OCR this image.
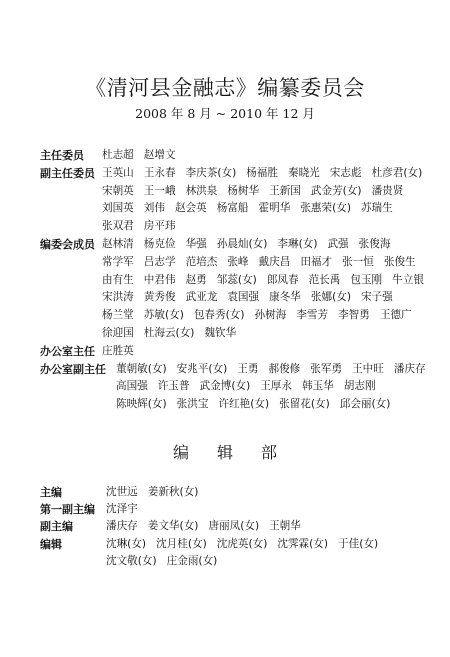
《清河县金融志》编纂委员会
2008 年 8 月 ~ 2010 年 12 月
主任委员	杜志超 赵增文
副主任委员 王英山 王永春 李庆茶(女) 杨福胜 秦晓光 宋志彪 杜彦君(女)
宋朝英 王一峨 林洪泉 杨树华 王新国 武金芳(女) 潘贵贤
刘国英 刘伟 赵会英 杨富船 霍明华 张惠荣(女) 苏瑞生
张双君 房平玮
编委会成员 赵林清 杨克俭 华强 孙晨灿(女) 李琳(女) 武强 张俊海
常学军 吕志学 范培杰 张峰 戴庆昌 田福才 张一恒 张俊生
由有生 中君伟 赵勇 邹蕊(女) 郎凤春 范长禹 包玉刚 牛立银
宋洪涛 黄秀俊 武亚龙 袁国强 康冬华 张娜(女) 宋子强
杨兰堂 苏敏(女) 包春秀(女) 孙树海 李雪芳 李智勇 王德广
徐迎国 杜海云(女) 魏钦华
办公室主任 庄胜英
办公室副主任 董朝敏(女) 安兆平(女) 王勇 郝俊修 张军勇 王中旺 潘庆存
高国强 许玉普 武金博(女) 王厚永 韩玉华 胡志刚
陈映辉(女) 张洪宝 许红艳(女) 张留花(女) 邱会丽(女)
编辑部
主编	沈世远 姜新秋(女)
第一副主编	沈泽宇
副主编	潘庆存 姜文华(女) 唐丽凤(女) 王朝华
编辑	沈琳(女) 沈月桂(女) 沈虎英(女) 沈霁霖(女) 于佳(女)
沈文敬(女) 庄金雨(女)
